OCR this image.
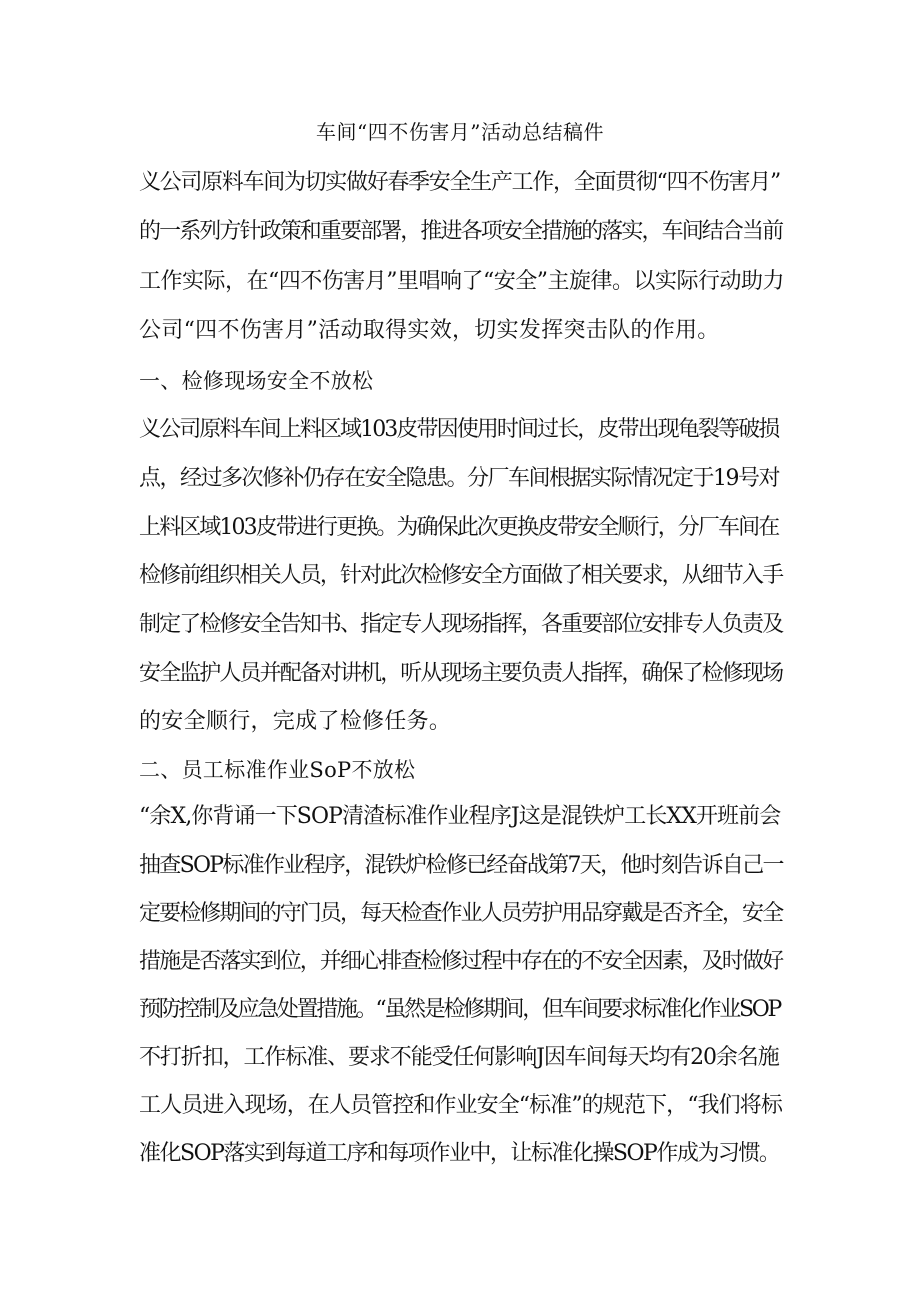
车间“四不伤害月”活动总结稿件
义公司原料车间为切实做好春季安全生产工作，全面贯彻“四不伤害月”
的一系列方针政策和重要部署，推进各项安全措施的落实，车间结合当前
工作实际，在“四不伤害月”里唱响了“安全”主旋律。以实际行动助力
公司“四不伤害月”活动取得实效，切实发挥突击队的作用。
一、检修现场安全不放松
义公司原料车间上料区域103皮带因使用时间过长，皮带出现龟裂等破损
点，经过多次修补仍存在安全隐患。分厂车间根据实际情况定于19号对
上料区域103皮带进行更换。为确保此次更换皮带安全顺行，分厂车间在
检修前组织相关人员，针对此次检修安全方面做了相关要求，从细节入手
制定了检修安全告知书、指定专人现场指挥，各重要部位安排专人负责及
安全监护人员并配备对讲机，听从现场主要负责人指挥，确保了检修现场
的安全顺行，完成了检修任务。
二、员工标准作业SoP不放松
“余X,你背诵一下SOP清渣标准作业程序J这是混铁炉工长XX开班前会
抽查SOP标准作业程序，混铁炉检修已经奋战第7天，他时刻告诉自己一
定要检修期间的守门员，每天检查作业人员劳护用品穿戴是否齐全，安全
措施是否落实到位，并细心排查检修过程中存在的不安全因素，及时做好
预防控制及应急处置措施。“虽然是检修期间，但车间要求标准化作业SOP
不打折扣，工作标准、要求不能受任何影响J因车间每天均有20余名施
工人员进入现场，在人员管控和作业安全“标准”的规范下，“我们将标
准化SOP落实到每道工序和每项作业中，让标准化操SOP作成为习惯。
